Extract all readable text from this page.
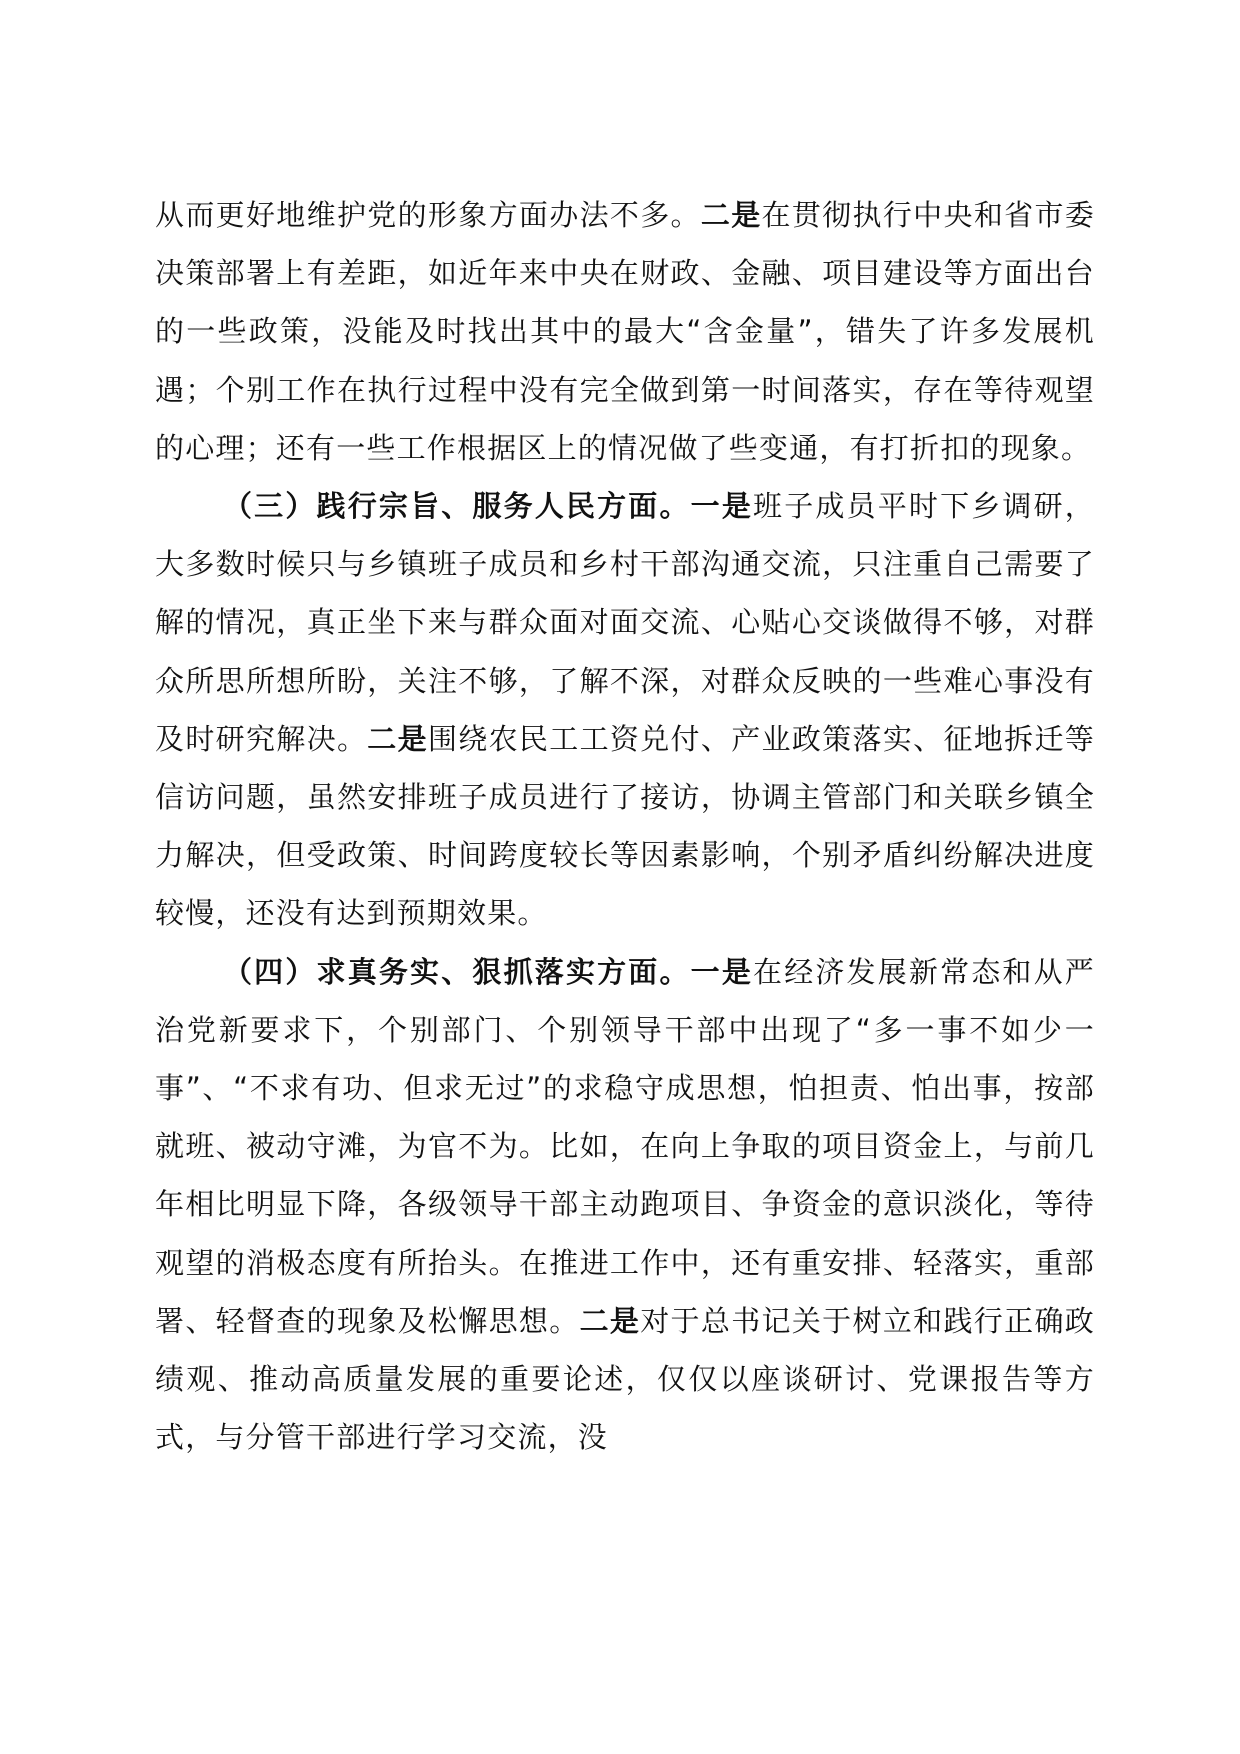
从而更好地维护党的形象方面办法不多。二是在贯彻执行中央和省市委决策部署上有差距，如近年来中央在财政、金融、项目建设等方面出台的一些政策，没能及时找出其中的最大“含金量”，错失了许多发展机遇；个别工作在执行过程中没有完全做到第一时间落实，存在等待观望的心理；还有一些工作根据区上的情况做了些变通，有打折扣的现象。

（三）践行宗旨、服务人民方面。一是班子成员平时下乡调研，大多数时候只与乡镇班子成员和乡村干部沟通交流，只注重自己需要了解的情况，真正坐下来与群众面对面交流、心贴心交谈做得不够，对群众所思所想所盼，关注不够，了解不深，对群众反映的一些难心事没有及时研究解决。二是围绕农民工工资兑付、产业政策落实、征地拆迁等信访问题，虽然安排班子成员进行了接访，协调主管部门和关联乡镇全力解决，但受政策、时间跨度较长等因素影响，个别矛盾纠纷解决进度较慢，还没有达到预期效果。

（四）求真务实、狠抓落实方面。一是在经济发展新常态和从严治党新要求下，个别部门、个别领导干部中出现了“多一事不如少一事”、“不求有功、但求无过”的求稳守成思想，怕担责、怕出事，按部就班、被动守滩，为官不为。比如，在向上争取的项目资金上，与前几年相比明显下降，各级领导干部主动跑项目、争资金的意识淡化，等待观望的消极态度有所抬头。在推进工作中，还有重安排、轻落实，重部署、轻督查的现象及松懈思想。二是对于总书记关于树立和践行正确政绩观、推动高质量发展的重要论述，仅仅以座谈研讨、党课报告等方式，与分管干部进行学习交流，没
